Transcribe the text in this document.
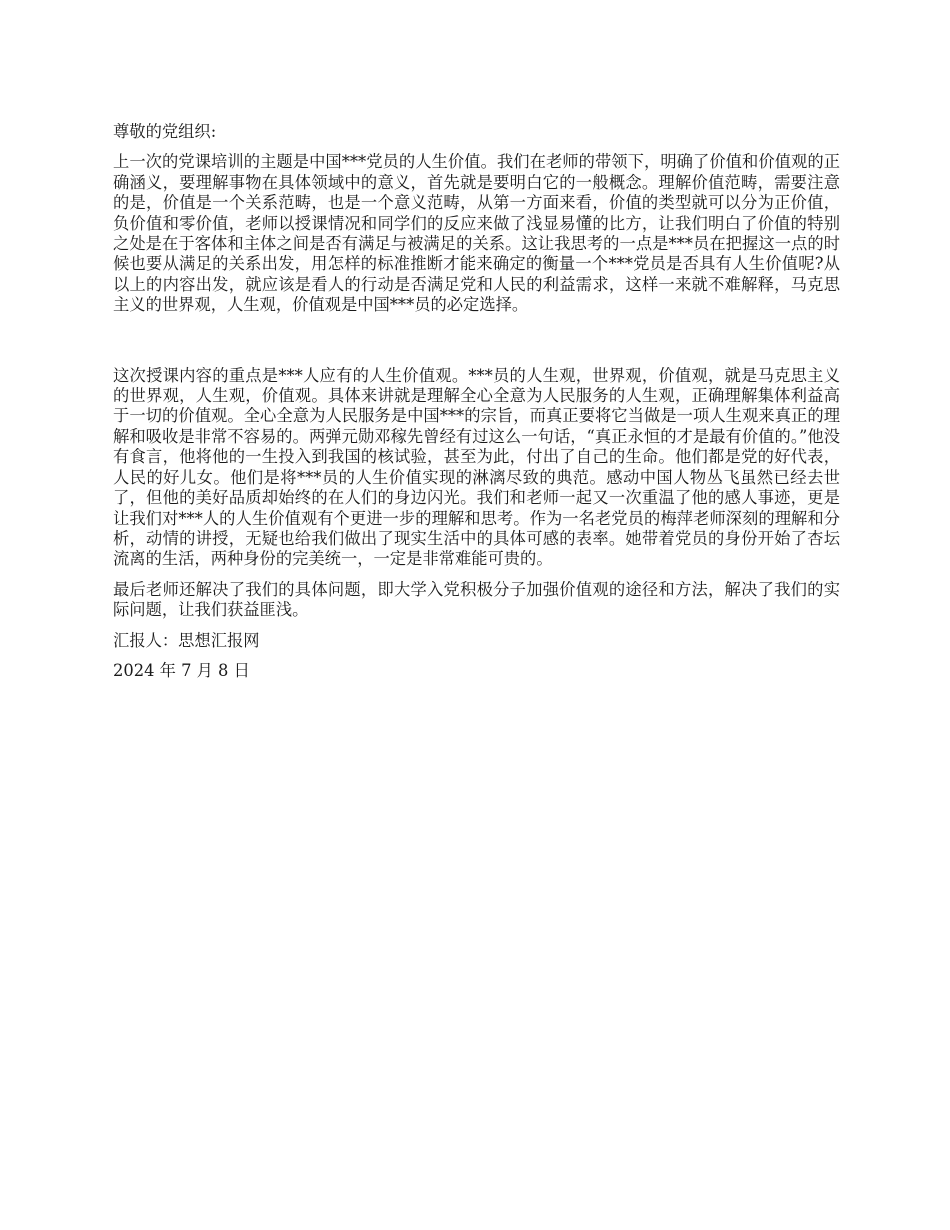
尊敬的党组织:

上一次的党课培训的主题是中国***党员的人生价值。我们在老师的带领下，明确了价值和价值观的正确涵义，要理解事物在具体领域中的意义，首先就是要明白它的一般概念。理解价值范畴，需要注意的是，价值是一个关系范畴，也是一个意义范畴，从第一方面来看，价值的类型就可以分为正价值，负价值和零价值，老师以授课情况和同学们的反应来做了浅显易懂的比方，让我们明白了价值的特别之处是在于客体和主体之间是否有满足与被满足的关系。这让我思考的一点是***员在把握这一点的时候也要从满足的关系出发，用怎样的标准推断才能来确定的衡量一个***党员是否具有人生价值呢?从以上的内容出发，就应该是看人的行动是否满足党和人民的利益需求，这样一来就不难解释，马克思主义的世界观，人生观，价值观是中国***员的必定选择。

这次授课内容的重点是***人应有的人生价值观。***员的人生观，世界观，价值观，就是马克思主义的世界观，人生观，价值观。具体来讲就是理解全心全意为人民服务的人生观，正确理解集体利益高于一切的价值观。全心全意为人民服务是中国***的宗旨，而真正要将它当做是一项人生观来真正的理解和吸收是非常不容易的。两弹元勋邓稼先曾经有过这么一句话，“真正永恒的才是最有价值的。”他没有食言，他将他的一生投入到我国的核试验，甚至为此，付出了自己的生命。他们都是党的好代表，人民的好儿女。他们是将***员的人生价值实现的淋漓尽致的典范。感动中国人物丛飞虽然已经去世了，但他的美好品质却始终的在人们的身边闪光。我们和老师一起又一次重温了他的感人事迹，更是让我们对***人的人生价值观有个更进一步的理解和思考。作为一名老党员的梅萍老师深刻的理解和分析，动情的讲授，无疑也给我们做出了现实生活中的具体可感的表率。她带着党员的身份开始了杏坛流离的生活，两种身份的完美统一，一定是非常难能可贵的。

最后老师还解决了我们的具体问题，即大学入党积极分子加强价值观的途径和方法，解决了我们的实际问题，让我们获益匪浅。

汇报人：思想汇报网

2024 年 7 月 8 日
